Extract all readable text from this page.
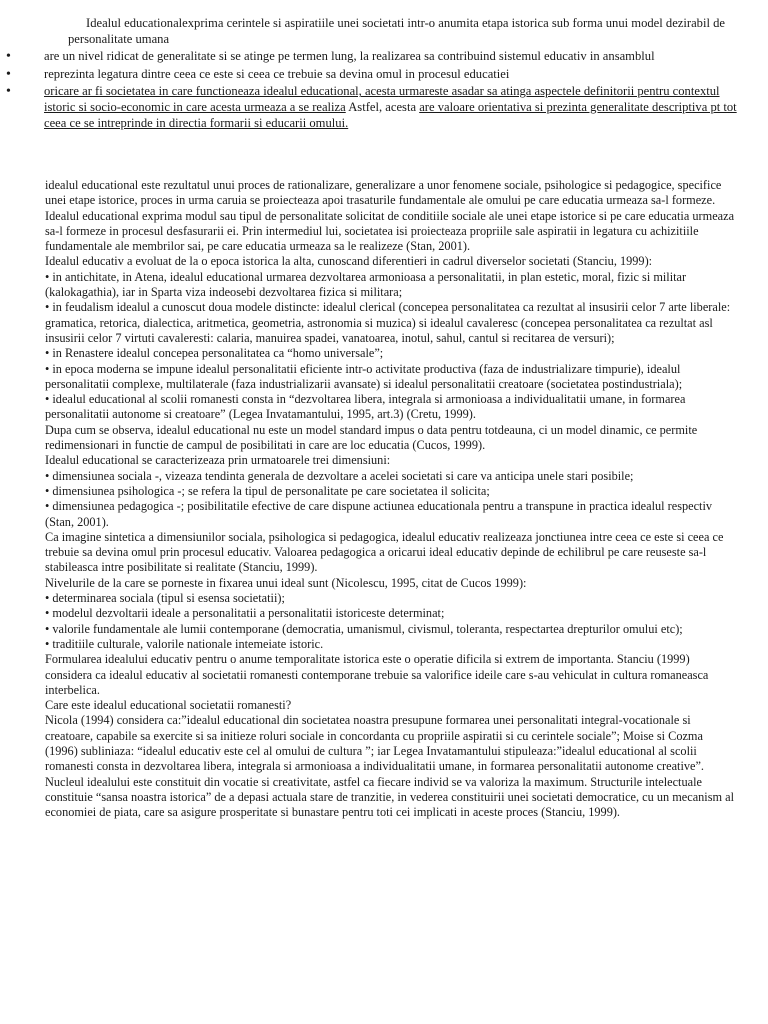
Idealul educationalexprima cerintele si aspiratiile unei societati intr-o anumita etapa istorica sub forma unui model dezirabil de personalitate umana

•	are un nivel ridicat de generalitate si se atinge pe termen lung, la realizarea sa contribuind sistemul educativ in ansamblul
•	reprezinta legatura dintre ceea ce este si ceea ce trebuie sa devina omul in procesul educatiei
•	oricare ar fi societatea in care functioneaza idealul educational, acesta urmareste asadar sa atinga aspectele definitorii pentru contextul istoric si socio-economic in care acesta urmeaza a se realiza Astfel, acesta are valoare orientativa si prezinta generalitate descriptiva pt tot ceea ce se intreprinde in directia formarii si educarii omului.

idealul educational este rezultatul unui proces de rationalizare, generalizare a unor fenomene sociale, psihologice si pedagogice, specifice unei etape istorice, proces in urma caruia se proiecteaza apoi trasaturile fundamentale ale omului pe care educatia urmeaza sa-l formeze.

Idealul educational exprima modul sau tipul de personalitate solicitat de conditiile sociale ale unei etape istorice si pe care educatia urmeaza sa-l formeze in procesul desfasurarii ei. Prin intermediul lui, societatea isi proiecteaza propriile sale aspiratii in legatura cu achizitiile fundamentale ale membrilor sai, pe care educatia urmeaza sa le realizeze (Stan, 2001).

Idealul educativ a evoluat de la o epoca istorica la alta, cunoscand diferentieri in cadrul diverselor societati (Stanciu, 1999):

• in antichitate, in Atena, idealul educational urmarea dezvoltarea armonioasa a personalitatii, in plan estetic, moral, fizic si militar (kalokagathia), iar in Sparta viza indeosebi dezvoltarea fizica si militara;

• in feudalism idealul a cunoscut doua modele distincte: idealul clerical (concepea personalitatea ca rezultat al insusirii celor 7 arte liberale: gramatica, retorica, dialectica, aritmetica, geometria, astronomia si muzica) si idealul cavaleresc (concepea personalitatea ca rezultat asl insusirii celor 7 virtuti cavaleresti: calaria, manuirea spadei, vanatoarea, inotul, sahul, cantul si recitarea de versuri);

• in Renastere idealul concepea personalitatea ca “homo universale”;

• in epoca moderna se impune idealul personalitatii eficiente intr-o activitate productiva (faza de industrializare timpurie), idealul personalitatii complexe, multilaterale (faza industrializarii avansate) si idealul personalitatii creatoare (societatea postindustriala);

• idealul educational al scolii romanesti consta in “dezvoltarea libera, integrala si armonioasa a individualitatii umane, in formarea personalitatii autonome si creatoare” (Legea Invatamantului, 1995, art.3) (Cretu, 1999).

Dupa cum se observa, idealul educational nu este un model standard impus o data pentru totdeauna, ci un model dinamic, ce permite redimensionari in functie de campul de posibilitati in care are loc educatia (Cucos, 1999).

Idealul educational se caracterizeaza prin urmatoarele trei dimensiuni:

• dimensiunea sociala -, vizeaza tendinta generala de dezvoltare a acelei societati si care va anticipa unele stari posibile;

• dimensiunea psihologica -; se refera la tipul de personalitate pe care societatea il solicita;

• dimensiunea pedagogica -; posibilitatile efective de care dispune actiunea educationala pentru a transpune in practica idealul respectiv (Stan, 2001).

Ca imagine sintetica a dimensiunilor sociala, psihologica si pedagogica, idealul educativ realizeaza jonctiunea intre ceea ce este si ceea ce trebuie sa devina omul prin procesul educativ. Valoarea pedagogica a oricarui ideal educativ depinde de echilibrul pe care reuseste sa-l stabileasca intre posibilitate si realitate (Stanciu, 1999).

Nivelurile de la care se porneste in fixarea unui ideal sunt (Nicolescu, 1995, citat de Cucos 1999):

• determinarea sociala (tipul si esensa societatii);

• modelul dezvoltarii ideale a personalitatii a personalitatii istoriceste determinat;

• valorile fundamentale ale lumii contemporane (democratia, umanismul, civismul, toleranta, respectartea drepturilor omului etc);

• traditiile culturale, valorile nationale intemeiate istoric.

Formularea idealului educativ pentru o anume temporalitate istorica este o operatie dificila si extrem de importanta. Stanciu (1999) considera ca idealul educativ al societatii romanesti contemporane trebuie sa valorifice ideile care s-au vehiculat in cultura romaneasca interbelica.

Care este idealul educational societatii romanesti?

Nicola (1994) considera ca:”idealul educational din societatea noastra presupune formarea unei personalitati integral-vocationale si creatoare, capabile sa exercite si sa initieze roluri sociale in concordanta cu propriile aspiratii si cu cerintele sociale”; Moise si Cozma (1996) subliniaza: “idealul educativ este cel al omului de cultura ”; iar Legea Invatamantului stipuleaza:”idealul educational al scolii romanesti consta in dezvoltarea libera, integrala si armonioasa a individualitatii umane, in formarea personalitatii autonome creative”.

Nucleul idealului este constituit din vocatie si creativitate, astfel ca fiecare individ se va valoriza la maximum. Structurile intelectuale constituie “sansa noastra istorica” de a depasi actuala stare de tranzitie, in vederea constituirii unei societati democratice, cu un mecanism al economiei de piata, care sa asigure prosperitate si bunastare pentru toti cei implicati in aceste proces (Stanciu, 1999).
